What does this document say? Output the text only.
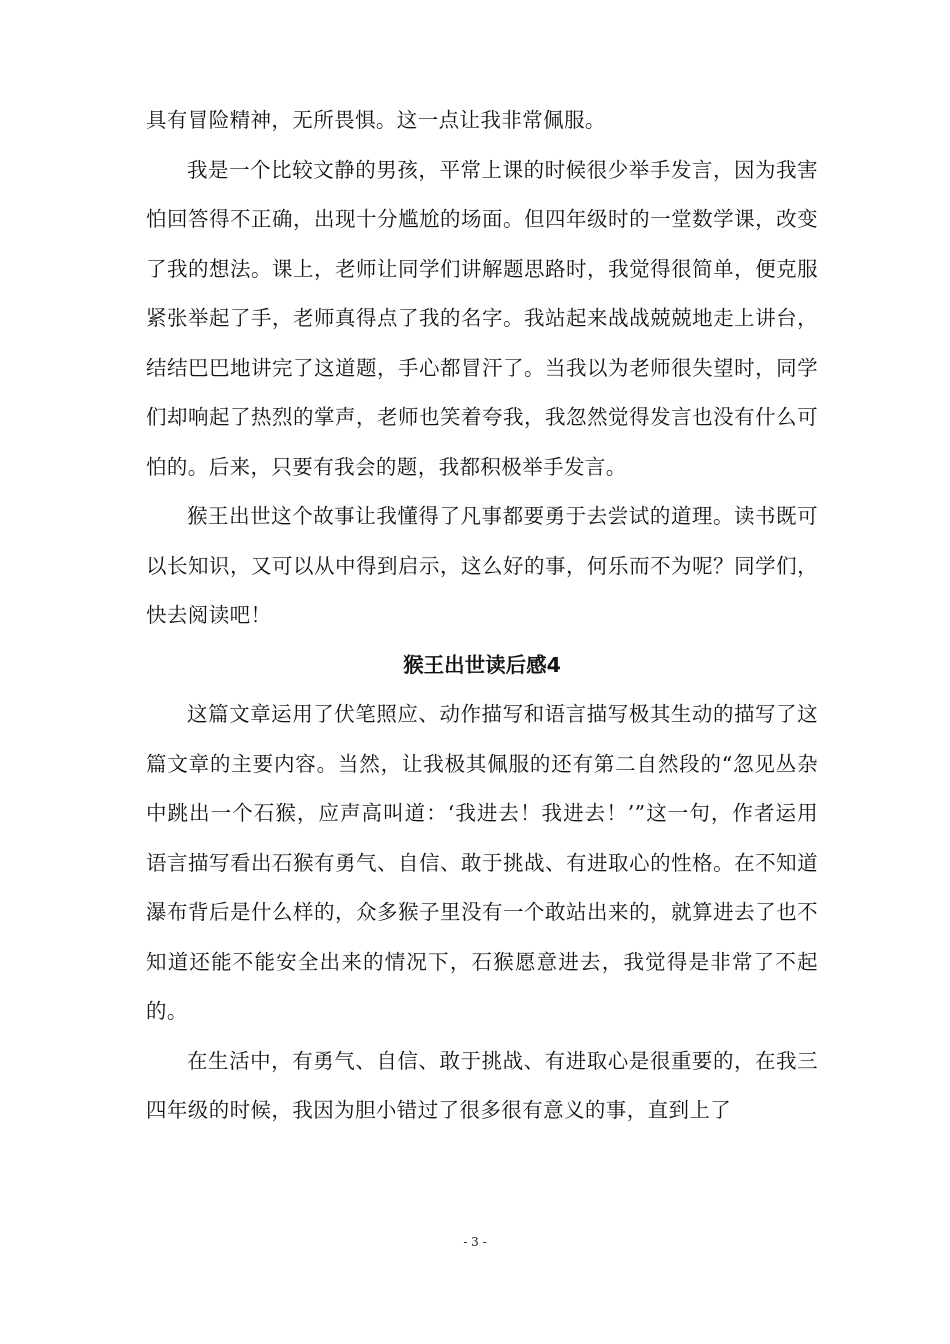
具有冒险精神，无所畏惧。这一点让我非常佩服。

我是一个比较文静的男孩，平常上课的时候很少举手发言，因为我害怕回答得不正确，出现十分尴尬的场面。但四年级时的一堂数学课，改变了我的想法。课上，老师让同学们讲解题思路时，我觉得很简单，便克服紧张举起了手，老师真得点了我的名字。我站起来战战兢兢地走上讲台，结结巴巴地讲完了这道题，手心都冒汗了。当我以为老师很失望时，同学们却响起了热烈的掌声，老师也笑着夸我，我忽然觉得发言也没有什么可怕的。后来，只要有我会的题，我都积极举手发言。

猴王出世这个故事让我懂得了凡事都要勇于去尝试的道理。读书既可以长知识，又可以从中得到启示，这么好的事，何乐而不为呢？同学们，快去阅读吧！

猴王出世读后感4

这篇文章运用了伏笔照应、动作描写和语言描写极其生动的描写了这篇文章的主要内容。当然，让我极其佩服的还有第二自然段的“忽见丛杂中跳出一个石猴，应声高叫道：‘我进去！我进去！’”这一句，作者运用语言描写看出石猴有勇气、自信、敢于挑战、有进取心的性格。在不知道瀑布背后是什么样的，众多猴子里没有一个敢站出来的，就算进去了也不知道还能不能安全出来的情况下，石猴愿意进去，我觉得是非常了不起的。

在生活中，有勇气、自信、敢于挑战、有进取心是很重要的，在我三四年级的时候，我因为胆小错过了很多很有意义的事，直到上了

- 3 -
